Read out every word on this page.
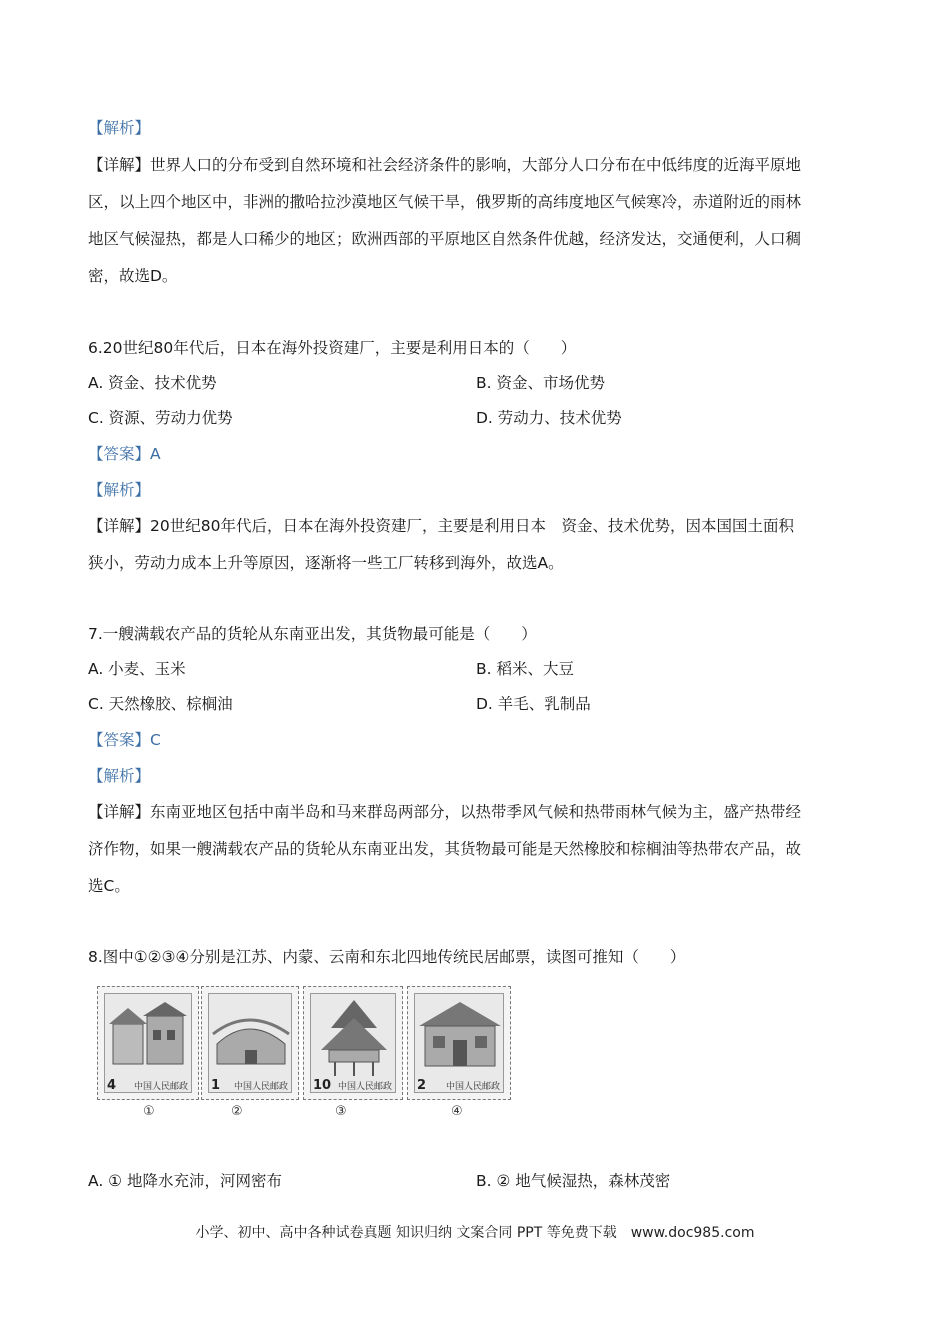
【解析】
【详解】世界人口的分布受到自然环境和社会经济条件的影响，大部分人口分布在中低纬度的近海平原地
区，以上四个地区中，非洲的撒哈拉沙漠地区气候干旱，俄罗斯的高纬度地区气候寒冷，赤道附近的雨林
地区气候湿热，都是人口稀少的地区；欧洲西部的平原地区自然条件优越，经济发达，交通便利，人口稠
密，故选D。
6.20世纪80年代后，日本在海外投资建厂，主要是利用日本的（　　）
A. 资金、技术优势	B. 资金、市场优势
C. 资源、劳动力优势	D. 劳动力、技术优势
【答案】A
【解析】
【详解】20世纪80年代后，日本在海外投资建厂，主要是利用日本　资金、技术优势，因本国国土面积
狭小，劳动力成本上升等原因，逐渐将一些工厂转移到海外，故选A。
7.一艘满载农产品的货轮从东南亚出发，其货物最可能是（　　）
A. 小麦、玉米	B. 稻米、大豆
C. 天然橡胶、棕榈油	D. 羊毛、乳制品
【答案】C
【解析】
【详解】东南亚地区包括中南半岛和马来群岛两部分，以热带季风气候和热带雨林气候为主，盛产热带经
济作物，如果一艘满载农产品的货轮从东南亚出发，其货物最可能是天然橡胶和棕榈油等热带农产品，故
选C。
8.图中①②③④分别是江苏、内蒙、云南和东北四地传统民居邮票，读图可推知（　　）
4 中国人民邮政
①
1 中国人民邮政
②
10 中国人民邮政
③
2 中国人民邮政
④
A. ① 地降水充沛，河网密布	B. ② 地气候湿热，森林茂密
小学、初中、高中各种试卷真题 知识归纳 文案合同 PPT 等免费下载　www.doc985.com
